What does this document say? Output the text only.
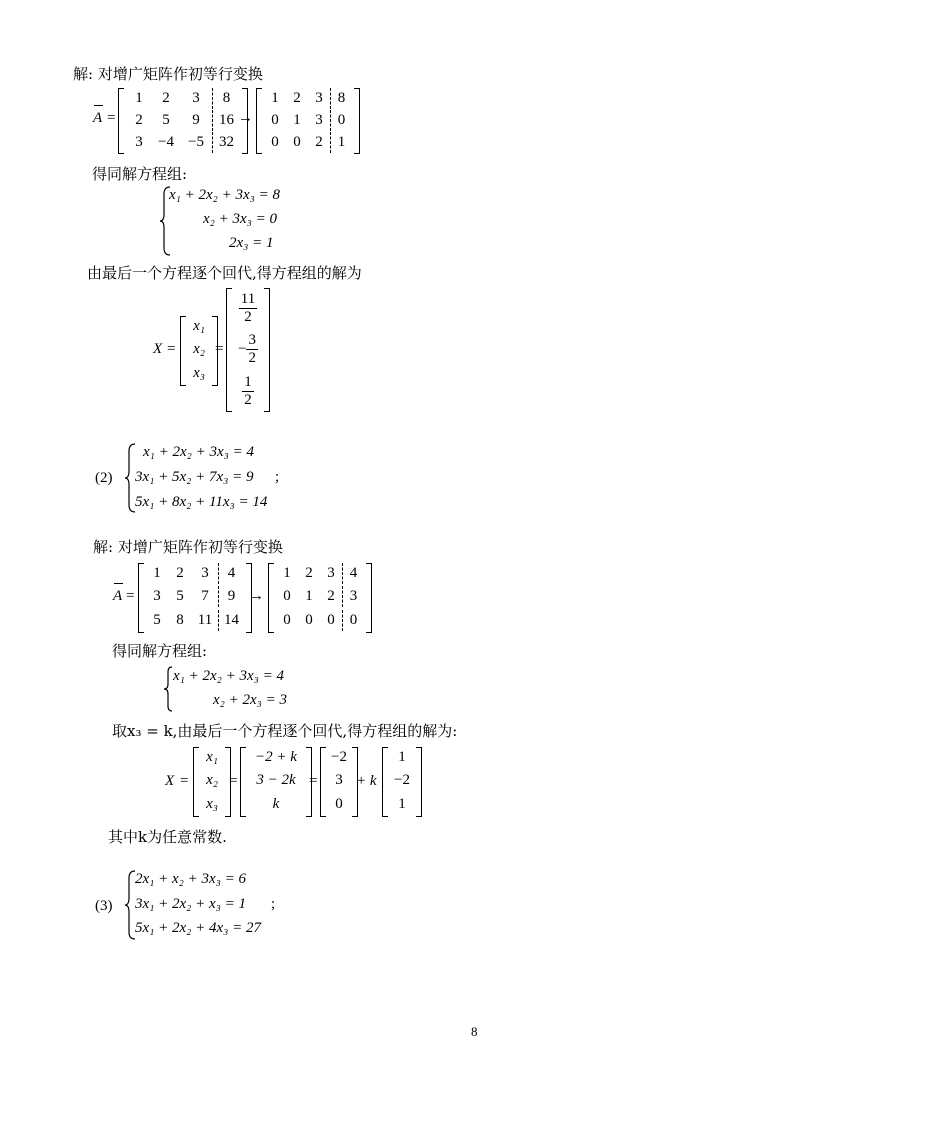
解: 对增广矩阵作初等行变换
A =
1	2	3	8
2	5	9	16
3	−4 −5	32
→
1 2 3	8
0 1 3	0
0 0 2	1
得同解方程组:
x₁ + 2x₂ + 3x₃ = 8
x₂ + 3x₃ = 0
2x₃ = 1
由最后一个方程逐个回代,得方程组的解为
X =
x₁
x₂
x₃
=
$\frac{11}{2}$
− $\frac{3}{2}$
$\frac{1}{2}$
(2)
x₁ + 2x₂ + 3x₃ = 4
3x₁ + 5x₂ + 7x₃ = 9
5x₁ + 8x₂ + 11x₃ = 14
;
解: 对增广矩阵作初等行变换
A =
1	2	3	4
3	5	7	9
5	8 11 14
→
1 2 3	4
0 1 2	3
0 0 0	0
得同解方程组:
x₁ + 2x₂ + 3x₃ = 4
x₂ + 2x₃ = 3
取x₃ = k,由最后一个方程逐个回代,得方程组的解为:
X =
x₁
x₂
x₃
=
−2 + k
3 − 2k
k
=
−2
3
0
+ k
1
−2
1
其中k为任意常数.
(3)
2x₁ + x₂ + 3x₃ = 6
3x₁ + 2x₂ + x₃ = 1
5x₁ + 2x₂ + 4x₃ = 27
;
8
